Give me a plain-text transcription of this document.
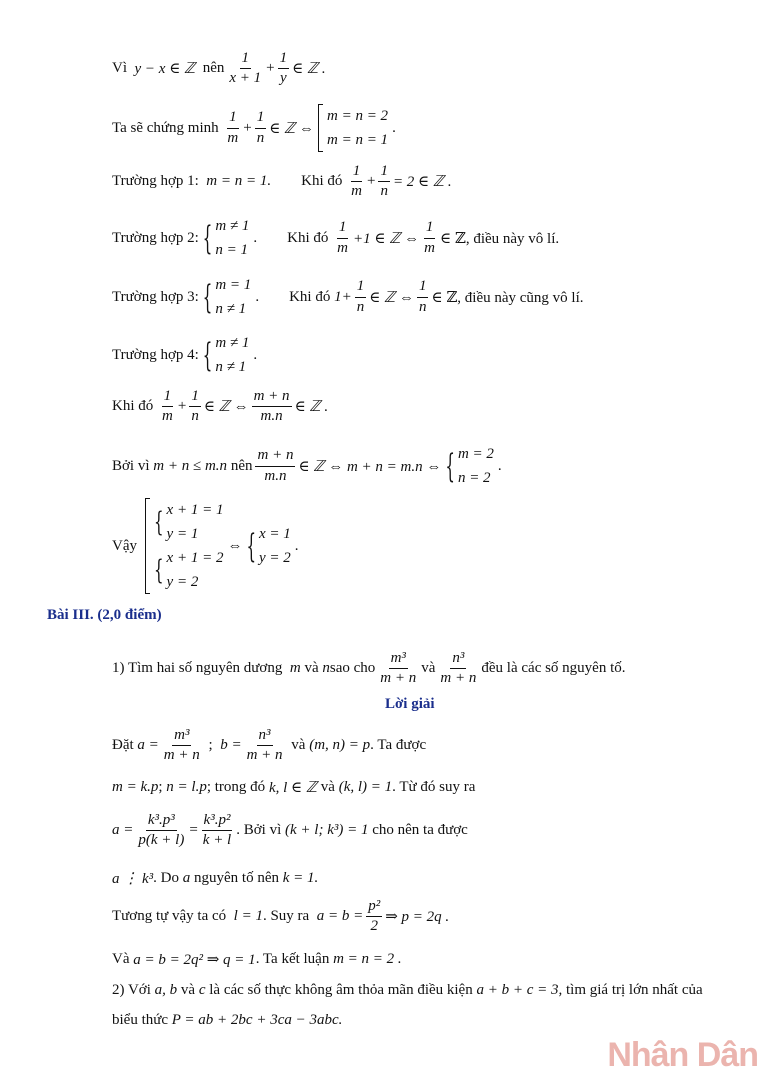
Vì
y − x ∈ ℤ
nên $\frac{1}{x + 1} + \frac{1}{y}$ ∈ ℤ .
Ta sẽ chứng minh
$\frac{1}{m} + \frac{1}{n}$ ∈ ℤ ⇔
m = n = 2
m = n = 1
.
Trường hợp 1:
m = n = 1. Khi đó
$\frac{1}{m} + \frac{1}{n} = 2$ ∈ ℤ .
Trường hợp 2: { m ≠ 1
n = 1
. Khi đó
$\frac{1}{m} +1$ ∈ ℤ ⇔ $\frac{1}{m}$ ∈ ℤ, điều này vô lí.
Trường hợp 3: { m = 1
n ≠ 1
. Khi đó
$1+ \frac{1}{n}$ ∈ ℤ ⇔ $\frac{1}{n}$ ∈ ℤ, điều này cũng vô lí.
Trường hợp 4: { m ≠ 1
n ≠ 1
.
Khi đó
$\frac{1}{m} + \frac{1}{n}$ ∈ ℤ ⇔ $\frac{m + n}{m.n}$ ∈ ℤ .
Bởi vì
m + n ≤ m.n
nên $\frac{m + n}{m.n}$ ∈ ℤ ⇔ m + n = m.n ⇔ { m = 2
n = 2
.
Vậy
{ x + 1 = 1
y = 1
{ x + 1 = 2
y = 2
⇔ { x = 1
y = 2
.
Bài III. (2,0 điểm)
1) Tìm hai số nguyên dương
m
và
n sao cho $\frac{\text{m³}}{m + n}$ và $\frac{\text{n³}}{m + n}$ đều là các số nguyên tố.
Lời giải
Đặt
$a = \frac{\text{m³}}{m + n}$
;
$b = \frac{\text{n³}}{m + n}$
và
(m, n) = p . Ta được
m = k.p ;
n = l.p ; trong đó
k, l ∈ ℤ
và
(k, l) = 1 . Từ đó suy ra
$a = \frac{\text{k³.p³}}{p(k + l)} = \frac{\text{k³.p²}}{k + l}$ . Bởi vì
(k + l; k³) = 1
cho nên ta được
a ⋮ k³ . Do
a
nguyên tố nên
k = 1.
Tương tự vậy ta có
l = 1 . Suy ra
$a = b = \frac{\text{p²}}{2}$ ⇒ p = 2q .
Và
a = b = 2q² ⇒ q = 1 . Ta kết luận
m = n = 2 .
2) Với
a, b
và
c
là các số thực không âm thỏa mãn điều kiện
a + b + c = 3,
tìm giá trị lớn nhất của
biểu thức
P = ab + 2bc + 3ca − 3abc.
Nhân Dân
